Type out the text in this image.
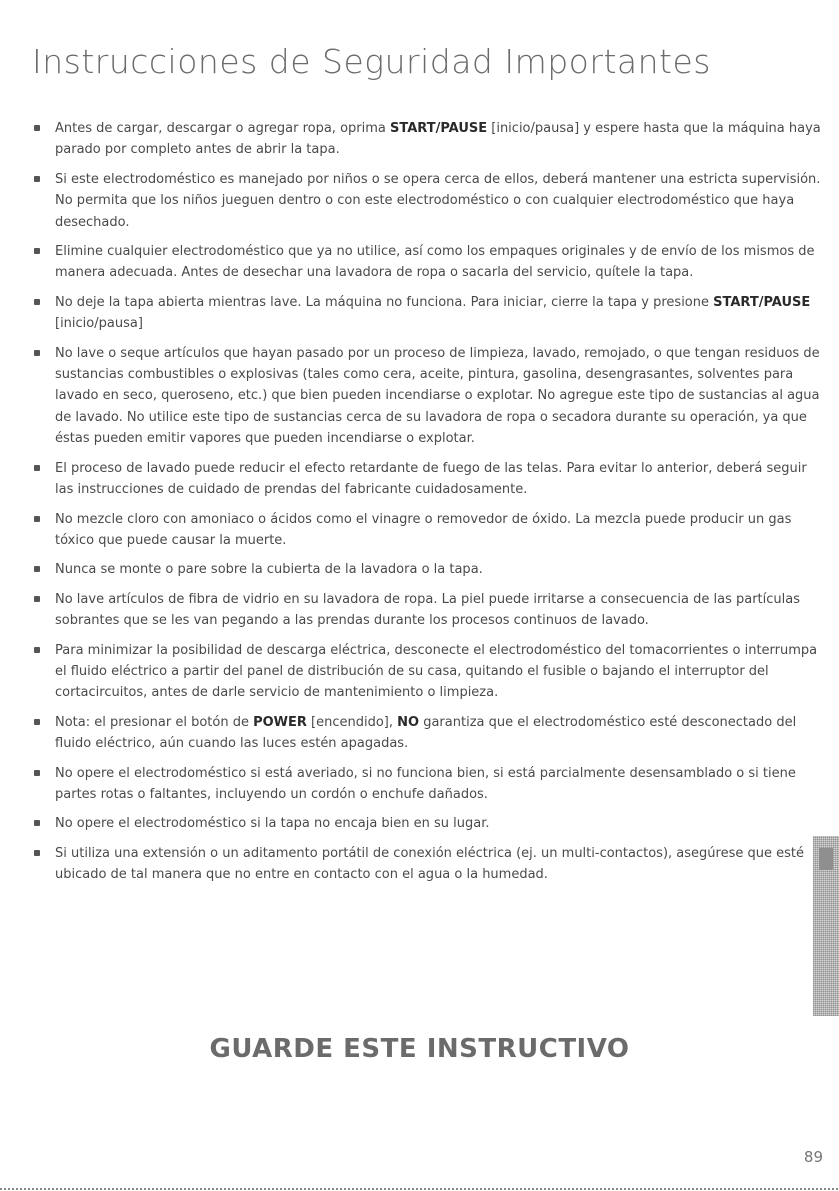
Instrucciones de Seguridad Importantes
Antes de cargar, descargar o agregar ropa, oprima START/PAUSE [inicio/pausa] y espere hasta que la máquina haya parado por completo antes de abrir la tapa.
Si este electrodoméstico es manejado por niños o se opera cerca de ellos, deberá mantener una estricta supervisión. No permita que los niños jueguen dentro o con este electrodoméstico o con cualquier electrodoméstico que haya desechado.
Elimine cualquier electrodoméstico que ya no utilice, así como los empaques originales y de envío de los mismos de manera adecuada. Antes de desechar una lavadora de ropa o sacarla del servicio, quítele la tapa.
No deje la tapa abierta mientras lave. La máquina no funciona. Para iniciar, cierre la tapa y presione START/PAUSE [inicio/pausa]
No lave o seque artículos que hayan pasado por un proceso de limpieza, lavado, remojado, o que tengan residuos de sustancias combustibles o explosivas (tales como cera, aceite, pintura, gasolina, desengrasantes, solventes para lavado en seco, queroseno, etc.) que bien pueden incendiarse o explotar. No agregue este tipo de sustancias al agua de lavado. No utilice este tipo de sustancias cerca de su lavadora de ropa o secadora durante su operación, ya que éstas pueden emitir vapores que pueden incendiarse o explotar.
El proceso de lavado puede reducir el efecto retardante de fuego de las telas. Para evitar lo anterior, deberá seguir las instrucciones de cuidado de prendas del fabricante cuidadosamente.
No mezcle cloro con amoniaco o ácidos como el vinagre o removedor de óxido. La mezcla puede producir un gas tóxico que puede causar la muerte.
Nunca se monte o pare sobre la cubierta de la lavadora o la tapa.
No lave artículos de fibra de vidrio en su lavadora de ropa. La piel puede irritarse a consecuencia de las partículas sobrantes que se les van pegando a las prendas durante los procesos continuos de lavado.
Para minimizar la posibilidad de descarga eléctrica, desconecte el electrodoméstico del tomacorrientes o interrumpa el fluido eléctrico a partir del panel de distribución de su casa, quitando el fusible o bajando el interruptor del cortacircuitos, antes de darle servicio de mantenimiento o limpieza.
Nota: el presionar el botón de POWER [encendido], NO garantiza que el electrodoméstico esté desconectado del fluido eléctrico, aún cuando las luces estén apagadas.
No opere el electrodoméstico si está averiado, si no funciona bien, si está parcialmente desensamblado o si tiene partes rotas o faltantes, incluyendo un cordón o enchufe dañados.
No opere el electrodoméstico si la tapa no encaja bien en su lugar.
Si utiliza una extensión o un aditamento portátil de conexión eléctrica (ej. un multi-contactos), asegúrese que esté ubicado de tal manera que no entre en contacto con el agua o la humedad.
GUARDE ESTE INSTRUCTIVO
89
